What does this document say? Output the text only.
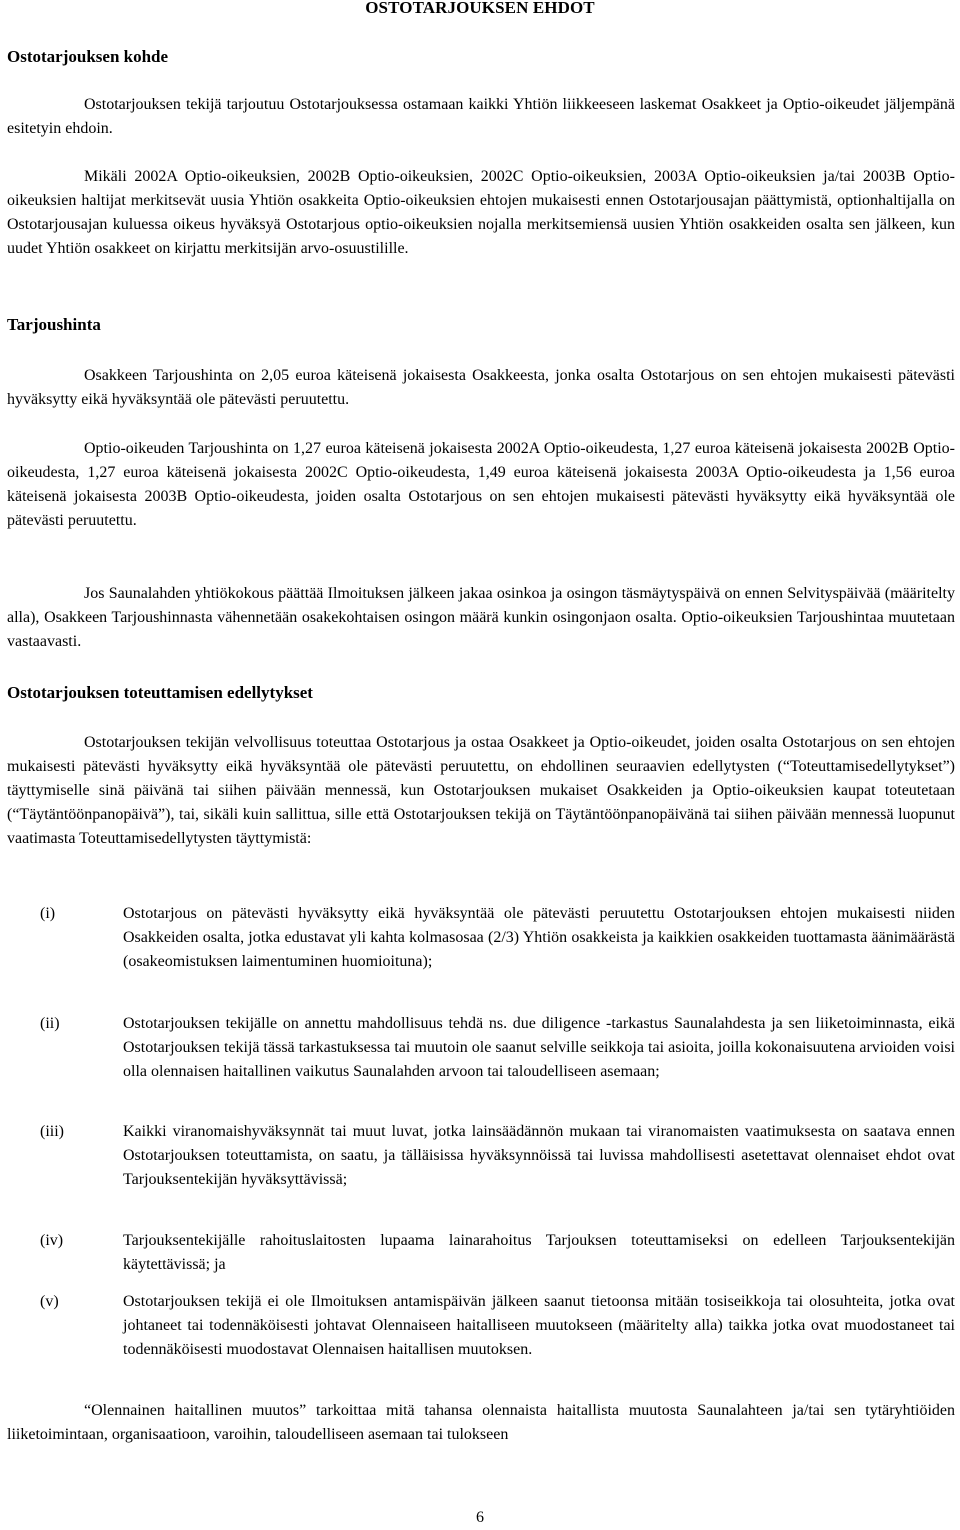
OSTOTARJOUKSEN EHDOT
Ostotarjouksen kohde

Ostotarjouksen tekijä tarjoutuu Ostotarjouksessa ostamaan kaikki Yhtiön liikkeeseen laskemat Osakkeet ja Optio-oikeudet jäljempänä esitetyin ehdoin.

Mikäli 2002A Optio-oikeuksien, 2002B Optio-oikeuksien, 2002C Optio-oikeuksien, 2003A Optio-oikeuksien ja/tai 2003B Optio-oikeuksien haltijat merkitsevät uusia Yhtiön osakkeita Optio-oikeuksien ehtojen mukaisesti ennen Ostotarjousajan päättymistä, optionhaltijalla on Ostotarjousajan kuluessa oikeus hyväksyä Ostotarjous optio-oikeuksien nojalla merkitsemiensä uusien Yhtiön osakkeiden osalta sen jälkeen, kun uudet Yhtiön osakkeet on kirjattu merkitsijän arvo-osuustilille.

Tarjoushinta

Osakkeen Tarjoushinta on 2,05 euroa käteisenä jokaisesta Osakkeesta, jonka osalta Ostotarjous on sen ehtojen mukaisesti pätevästi hyväksytty eikä hyväksyntää ole pätevästi peruutettu.

Optio-oikeuden Tarjoushinta on 1,27 euroa käteisenä jokaisesta 2002A Optio-oikeudesta, 1,27 euroa käteisenä jokaisesta 2002B Optio-oikeudesta, 1,27 euroa käteisenä jokaisesta 2002C Optio-oikeudesta, 1,49 euroa käteisenä jokaisesta 2003A Optio-oikeudesta ja 1,56 euroa käteisenä jokaisesta 2003B Optio-oikeudesta, joiden osalta Ostotarjous on sen ehtojen mukaisesti pätevästi hyväksytty eikä hyväksyntää ole pätevästi peruutettu.

Jos Saunalahden yhtiökokous päättää Ilmoituksen jälkeen jakaa osinkoa ja osingon täsmäytyspäivä on ennen Selvityspäivää (määritelty alla), Osakkeen Tarjoushinnasta vähennetään osakekohtaisen osingon määrä kunkin osingonjaon osalta. Optio-oikeuksien Tarjoushintaa muutetaan vastaavasti.

Ostotarjouksen toteuttamisen edellytykset

Ostotarjouksen tekijän velvollisuus toteuttaa Ostotarjous ja ostaa Osakkeet ja Optio-oikeudet, joiden osalta Ostotarjous on sen ehtojen mukaisesti pätevästi hyväksytty eikä hyväksyntää ole pätevästi peruutettu, on ehdollinen seuraavien edellytysten (“Toteuttamisedellytykset”) täyttymiselle sinä päivänä tai siihen päivään mennessä, kun Ostotarjouksen mukaiset Osakkeiden ja Optio-oikeuksien kaupat toteutetaan (“Täytäntöönpanopäivä”), tai, sikäli kuin sallittua, sille että Ostotarjouksen tekijä on Täytäntöönpanopäivänä tai siihen päivään mennessä luopunut vaatimasta Toteuttamisedellytysten täyttymistä:

(i)	Ostotarjous on pätevästi hyväksytty eikä hyväksyntää ole pätevästi peruutettu Ostotarjouksen ehtojen mukaisesti niiden Osakkeiden osalta, jotka edustavat yli kahta kolmasosaa (2/3) Yhtiön osakkeista ja kaikkien osakkeiden tuottamasta äänimäärästä (osakeomistuksen laimentuminen huomioituna);

(ii)	Ostotarjouksen tekijälle on annettu mahdollisuus tehdä ns. due diligence -tarkastus Saunalahdesta ja sen liiketoiminnasta, eikä Ostotarjouksen tekijä tässä tarkastuksessa tai muutoin ole saanut selville seikkoja tai asioita, joilla kokonaisuutena arvioiden voisi olla olennaisen haitallinen vaikutus Saunalahden arvoon tai taloudelliseen asemaan;

(iii)	Kaikki viranomaishyväksynnät tai muut luvat, jotka lainsäädännön mukaan tai viranomaisten vaatimuksesta on saatava ennen Ostotarjouksen toteuttamista, on saatu, ja tälläisissa hyväksynnöissä tai luvissa mahdollisesti asetettavat olennaiset ehdot ovat Tarjouksentekijän hyväksyttävissä;

(iv)	Tarjouksentekijälle rahoituslaitosten lupaama lainarahoitus Tarjouksen toteuttamiseksi on edelleen Tarjouksentekijän käytettävissä; ja

(v)	Ostotarjouksen tekijä ei ole Ilmoituksen antamispäivän jälkeen saanut tietoonsa mitään tosiseikkoja tai olosuhteita, jotka ovat johtaneet tai todennäköisesti johtavat Olennaiseen haitalliseen muutokseen (määritelty alla) taikka jotka ovat muodostaneet tai todennäköisesti muodostavat Olennaisen haitallisen muutoksen.

“Olennainen haitallinen muutos” tarkoittaa mitä tahansa olennaista haitallista muutosta Saunalahteen ja/tai sen tytäryhtiöiden liiketoimintaan, organisaatioon, varoihin, taloudelliseen asemaan tai tulokseen

6
